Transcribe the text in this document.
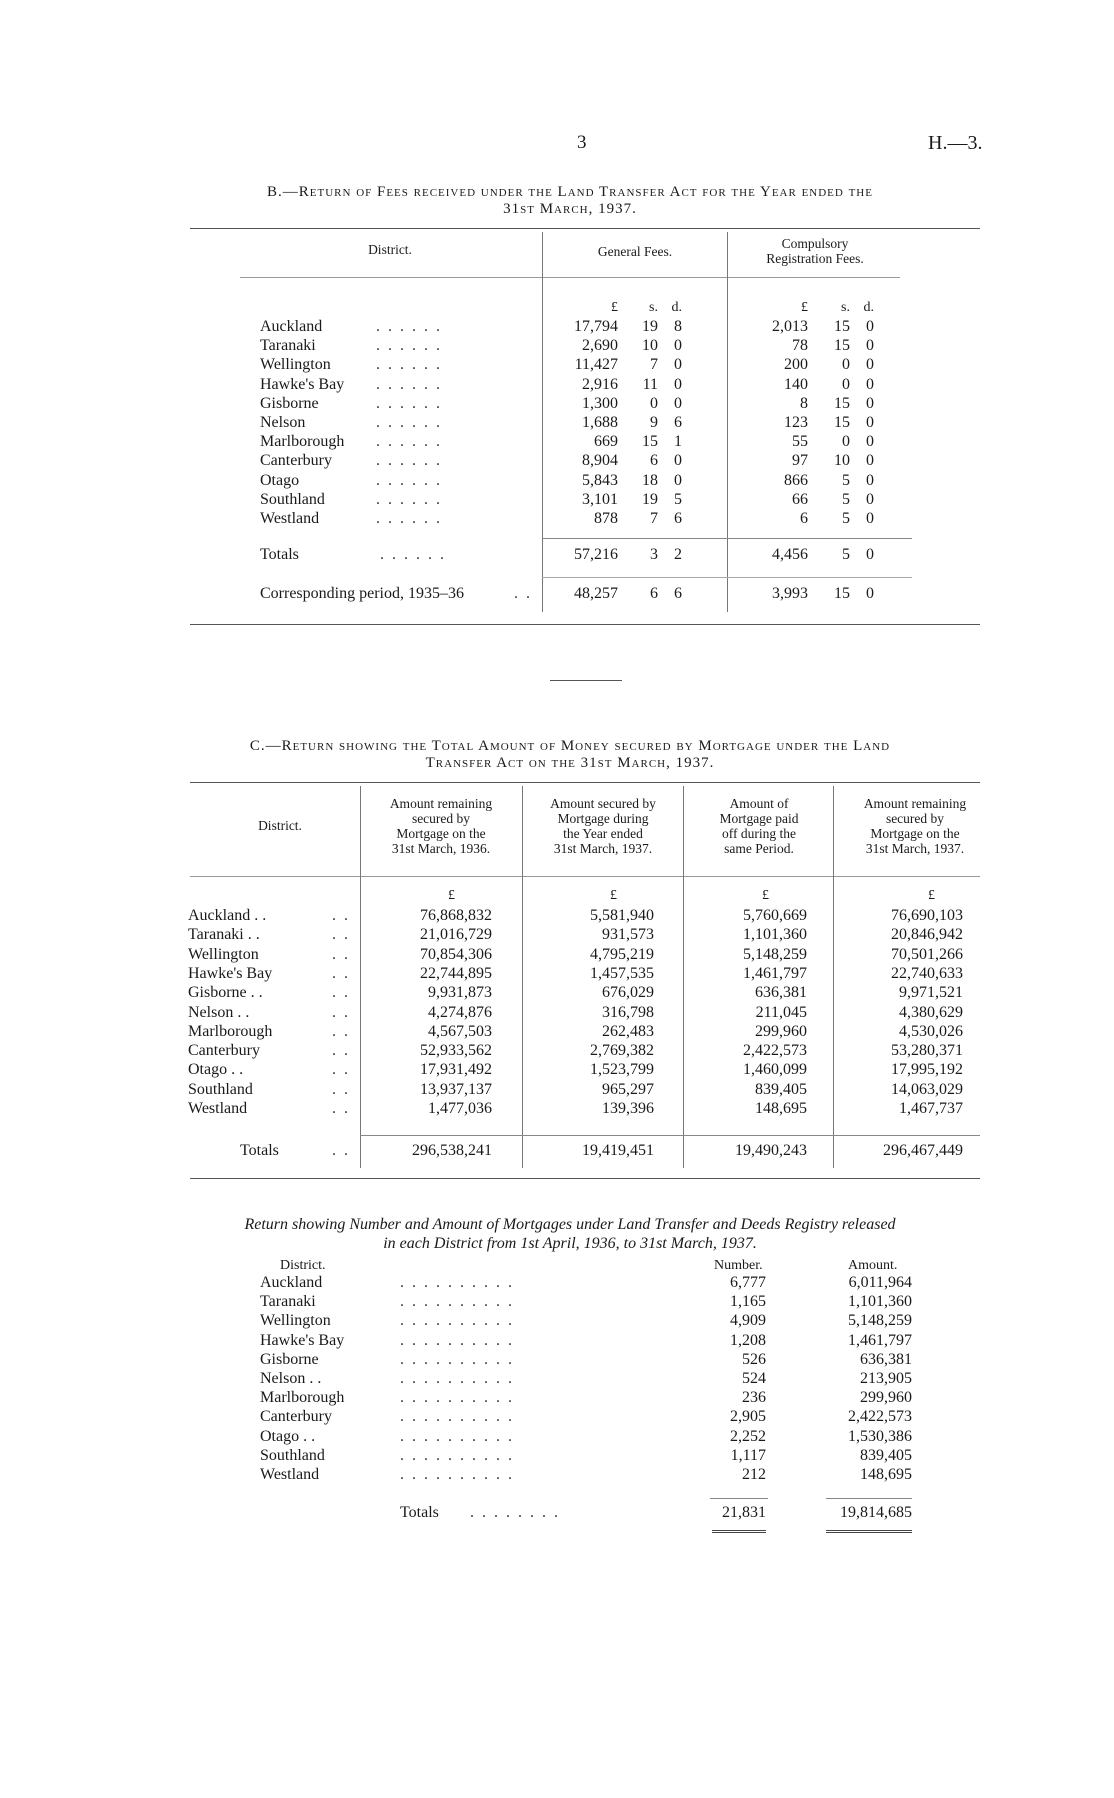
3	H.—3.
B.—Return of Fees received under the Land Transfer Act for the Year ended the
31st March, 1937.
District.	General Fees.
Compulsory
Registration Fees.
£	s. d.	£	s. d.
Auckland	. . . . . .	17,794	19	8	2,013	15	0
Taranaki	. . . . . .	2,690	10	0	78	15	0
Wellington	. . . . . .	11,427	7	0	200	0	0
Hawke's Bay . . . . . .	2,916	11	0	140	0	0
Gisborne	. . . . . .	1,300	0	0	8	15	0
Nelson	. . . . . .	1,688	9	6	123	15	0
Marlborough . . . . . .	669	15	1	55	0	0
Canterbury	. . . . . .	8,904	6	0	97	10	0
Otago	. . . . . .	5,843	18	0	866	5	0
Southland	. . . . . .	3,101	19	5	66	5	0
Westland	. . . . . .	878	7	6	6	5	0
Totals	. . . . . .	57,216	3	2	4,456	5	0
Corresponding period, 1935–36	. .	48,257	6	6	3,993	15	0
C.—Return showing the Total Amount of Money secured by Mortgage under the Land
Transfer Act on the 31st March, 1937.
District.
Amount remaining
secured by
Mortgage on the
31st March, 1936.
Amount secured by
Mortgage during
the Year ended
31st March, 1937.
Amount of
Mortgage paid
off during the
same Period.
Amount remaining
secured by
Mortgage on the
31st March, 1937.
£	£	£	£
Auckland . .	. .	76,868,832	5,581,940	5,760,669	76,690,103
Taranaki . .	. .	21,016,729	931,573	1,101,360	20,846,942
Wellington	. .	70,854,306	4,795,219	5,148,259	70,501,266
Hawke's Bay	. .	22,744,895	1,457,535	1,461,797	22,740,633
Gisborne . .	. .	9,931,873	676,029	636,381	9,971,521
Nelson . .	. .	4,274,876	316,798	211,045	4,380,629
Marlborough	. .	4,567,503	262,483	299,960	4,530,026
Canterbury	. .	52,933,562	2,769,382	2,422,573	53,280,371
Otago . .	. .	17,931,492	1,523,799	1,460,099	17,995,192
Southland	. .	13,937,137	965,297	839,405	14,063,029
Westland	. .	1,477,036	139,396	148,695	1,467,737
Totals	. .	296,538,241	19,419,451	19,490,243	296,467,449
Return showing Number and Amount of Mortgages under Land Transfer and Deeds Registry released
in each District from 1st April, 1936, to 31st March, 1937.
District.	Number.	Amount.
Auckland	. . . . . . . . . .	6,777	6,011,964
Taranaki	. . . . . . . . . .	1,165	1,101,360
Wellington	. . . . . . . . . .	4,909	5,148,259
Hawke's Bay	. . . . . . . . . .	1,208	1,461,797
Gisborne	. . . . . . . . . .	526	636,381
Nelson . .	. . . . . . . . . .	524	213,905
Marlborough	. . . . . . . . . .	236	299,960
Canterbury	. . . . . . . . . .	2,905	2,422,573
Otago . .	. . . . . . . . . .	2,252	1,530,386
Southland	. . . . . . . . . .	1,117	839,405
Westland	. . . . . . . . . .	212	148,695
Totals . . . . . . . .	21,831	19,814,685
